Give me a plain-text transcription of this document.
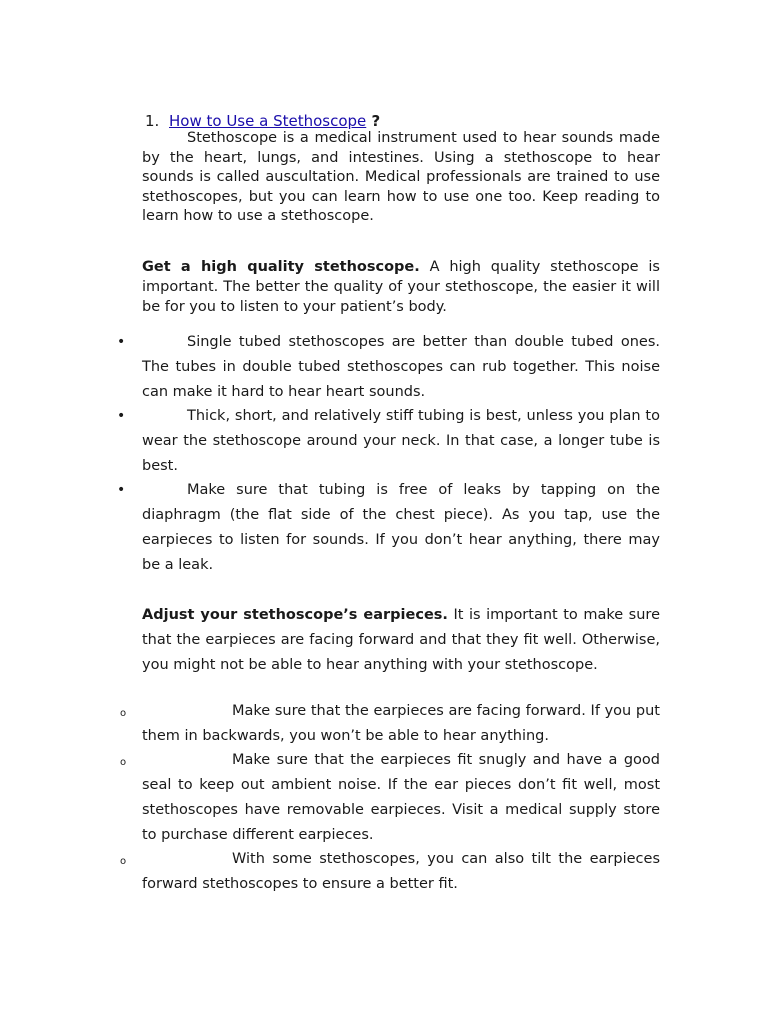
1. How to Use a Stethoscope ?

Stethoscope is a medical instrument used to hear sounds made by the heart, lungs, and intestines. Using a stethoscope to hear sounds is called auscultation. Medical professionals are trained to use stethoscopes, but you can learn how to use one too. Keep reading to learn how to use a stethoscope.

Get a high quality stethoscope. A high quality stethoscope is important. The better the quality of your stethoscope, the easier it will be for you to listen to your patient’s body.

•	Single tubed stethoscopes are better than double tubed ones. The tubes in double tubed stethoscopes can rub together. This noise can make it hard to hear heart sounds.

•	Thick, short, and relatively stiff tubing is best, unless you plan to wear the stethoscope around your neck. In that case, a longer tube is best.

•	Make sure that tubing is free of leaks by tapping on the diaphragm (the flat side of the chest piece). As you tap, use the earpieces to listen for sounds. If you don’t hear anything, there may be a leak.

Adjust your stethoscope’s earpieces. It is important to make sure that the earpieces are facing forward and that they fit well. Otherwise, you might not be able to hear anything with your stethoscope.

o	Make sure that the earpieces are facing forward. If you put them in backwards, you won’t be able to hear anything.

o	Make sure that the earpieces fit snugly and have a good seal to keep out ambient noise. If the ear pieces don’t fit well, most stethoscopes have removable earpieces. Visit a medical supply store to purchase different earpieces.

o	With some stethoscopes, you can also tilt the earpieces forward stethoscopes to ensure a better fit.
